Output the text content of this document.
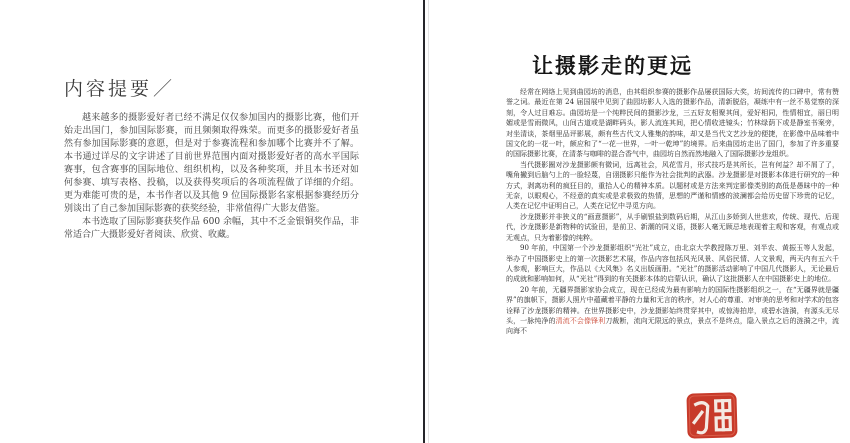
内容提要／

越来越多的摄影爱好者已经不满足仅仅参加国内的摄影比赛，他们开始走出国门，参加国际影赛，而且频频取得殊荣。而更多的摄影爱好者虽然有参加国际影赛的意愿，但是对于参赛流程和参加哪个比赛并不了解。本书通过详尽的文字讲述了目前世界范围内面对摄影爱好者的高水平国际赛事，包含赛事的国际地位、组织机构，以及各种奖项，并且本书还对如何参赛、填写表格、投稿，以及获得奖项后的各项流程做了详细的介绍。更为难能可贵的是，本书作者以及其他 9 位国际摄影名家根据参赛经历分别谈出了自己参加国际影赛的获奖经验，非常值得广大影友借鉴。

本书选取了国际影赛获奖作品 600 余幅，其中不乏金银铜奖作品，非常适合广大摄影爱好者阅读、欣赏、收藏。

让摄影走的更远

经常在网络上见到曲园坊的消息，由其组织参赛的摄影作品屡获国际大奖，坊间流传的口碑中，常有赞誉之词。最近在第 24 届国展中见到了曲园坊影人入选的摄影作品，清新脱俗，凝练中有一丝不易觉察的深刻，令人过目难忘。曲园坊是一个纯粹民间的摄影沙龙，三五好友相聚其间，爱好相同，性情相宜，丽日明媚或是雪雨微风，山间古道或是湖畔码头，影人流连其间，把心情收进镜头；竹林绿荫下或是静室书案旁，对坐清谈，茶烟里品评影展，颇有些古代文人雅集的韵味，却又是当代文艺沙龙的便捷，在影像中品味着中国文化的一花一叶，颇应和了“一花一世界，一叶一乾坤”的境界。后来曲园坊走出了国门，参加了许多重要的国际摄影比赛，在清茶与咖啡的混合香气中，曲园坊自然而然地融入了国际摄影沙龙组织。

当代摄影圈对沙龙摄影颇有微词，远离社会，风花雪月，形式技巧是其所长，岂有何益？却不屑了了，嘴角撇到后脑勺上的一脸轻蔑，自诩摄影只能作为社会批判的武器。沙龙摄影是对摄影本体进行研究的一种方式，剥离功利的疯狂目的，重拾人心的精神本质。以题材或是方法来判定影像类别的高低是愚昧中的一种无奈，以眼观心，不经意的真实或是求极致的热情，思想的严谨和情感的波澜都会给历史留下珍贵的记忆，人类在记忆中证明自己，人类在记忆中寻觅方向。

沙龙摄影并非狭义的“画意摄影”，从手刷银盐到数码后期，从江山多娇到人世悲欢，传统、现代、后现代，沙龙摄影是新物种的试验田，是前卫、新潮的同义语，摄影人毫无顾忌地表现着主观和客观，有观点或无观点，只为着影像的纯粹。

90 年前，中国第一个沙龙摄影组织“光社”成立，由北京大学教授陈万里、刘半农、黄振玉等人发起，举办了中国摄影史上的第一次摄影艺术展，作品内容包括风光风景、风俗民情、人文景观，两天内有五六千人参观，影响巨大，作品以《大风集》名义出版画册。“光社”的摄影活动影响了中国几代摄影人，无论最后的成就和影响如何，从“光社”得到的有关摄影本体的启蒙认识，确认了这批摄影人在中国摄影史上的地位。

20 年前，无疆界摄影家协会成立，现在已经成为最有影响力的国际性摄影组织之一，在“无疆界就是疆界”的旗帜下，摄影人照片中蕴藏着平静的力量和无言的秩序，对人心的尊重、对审美的思考和对学术的包容诠释了沙龙摄影的精神。在世界摄影史中，沙龙摄影始终贯穿其中，或惊涛拍岸，或碧水涟漪，有源头无尽头，一脉纯净的清流不会像锋利刀裁断，流向无限远的景点，景点不是终点，隐入景点之后的涟漪之中，流向海不
